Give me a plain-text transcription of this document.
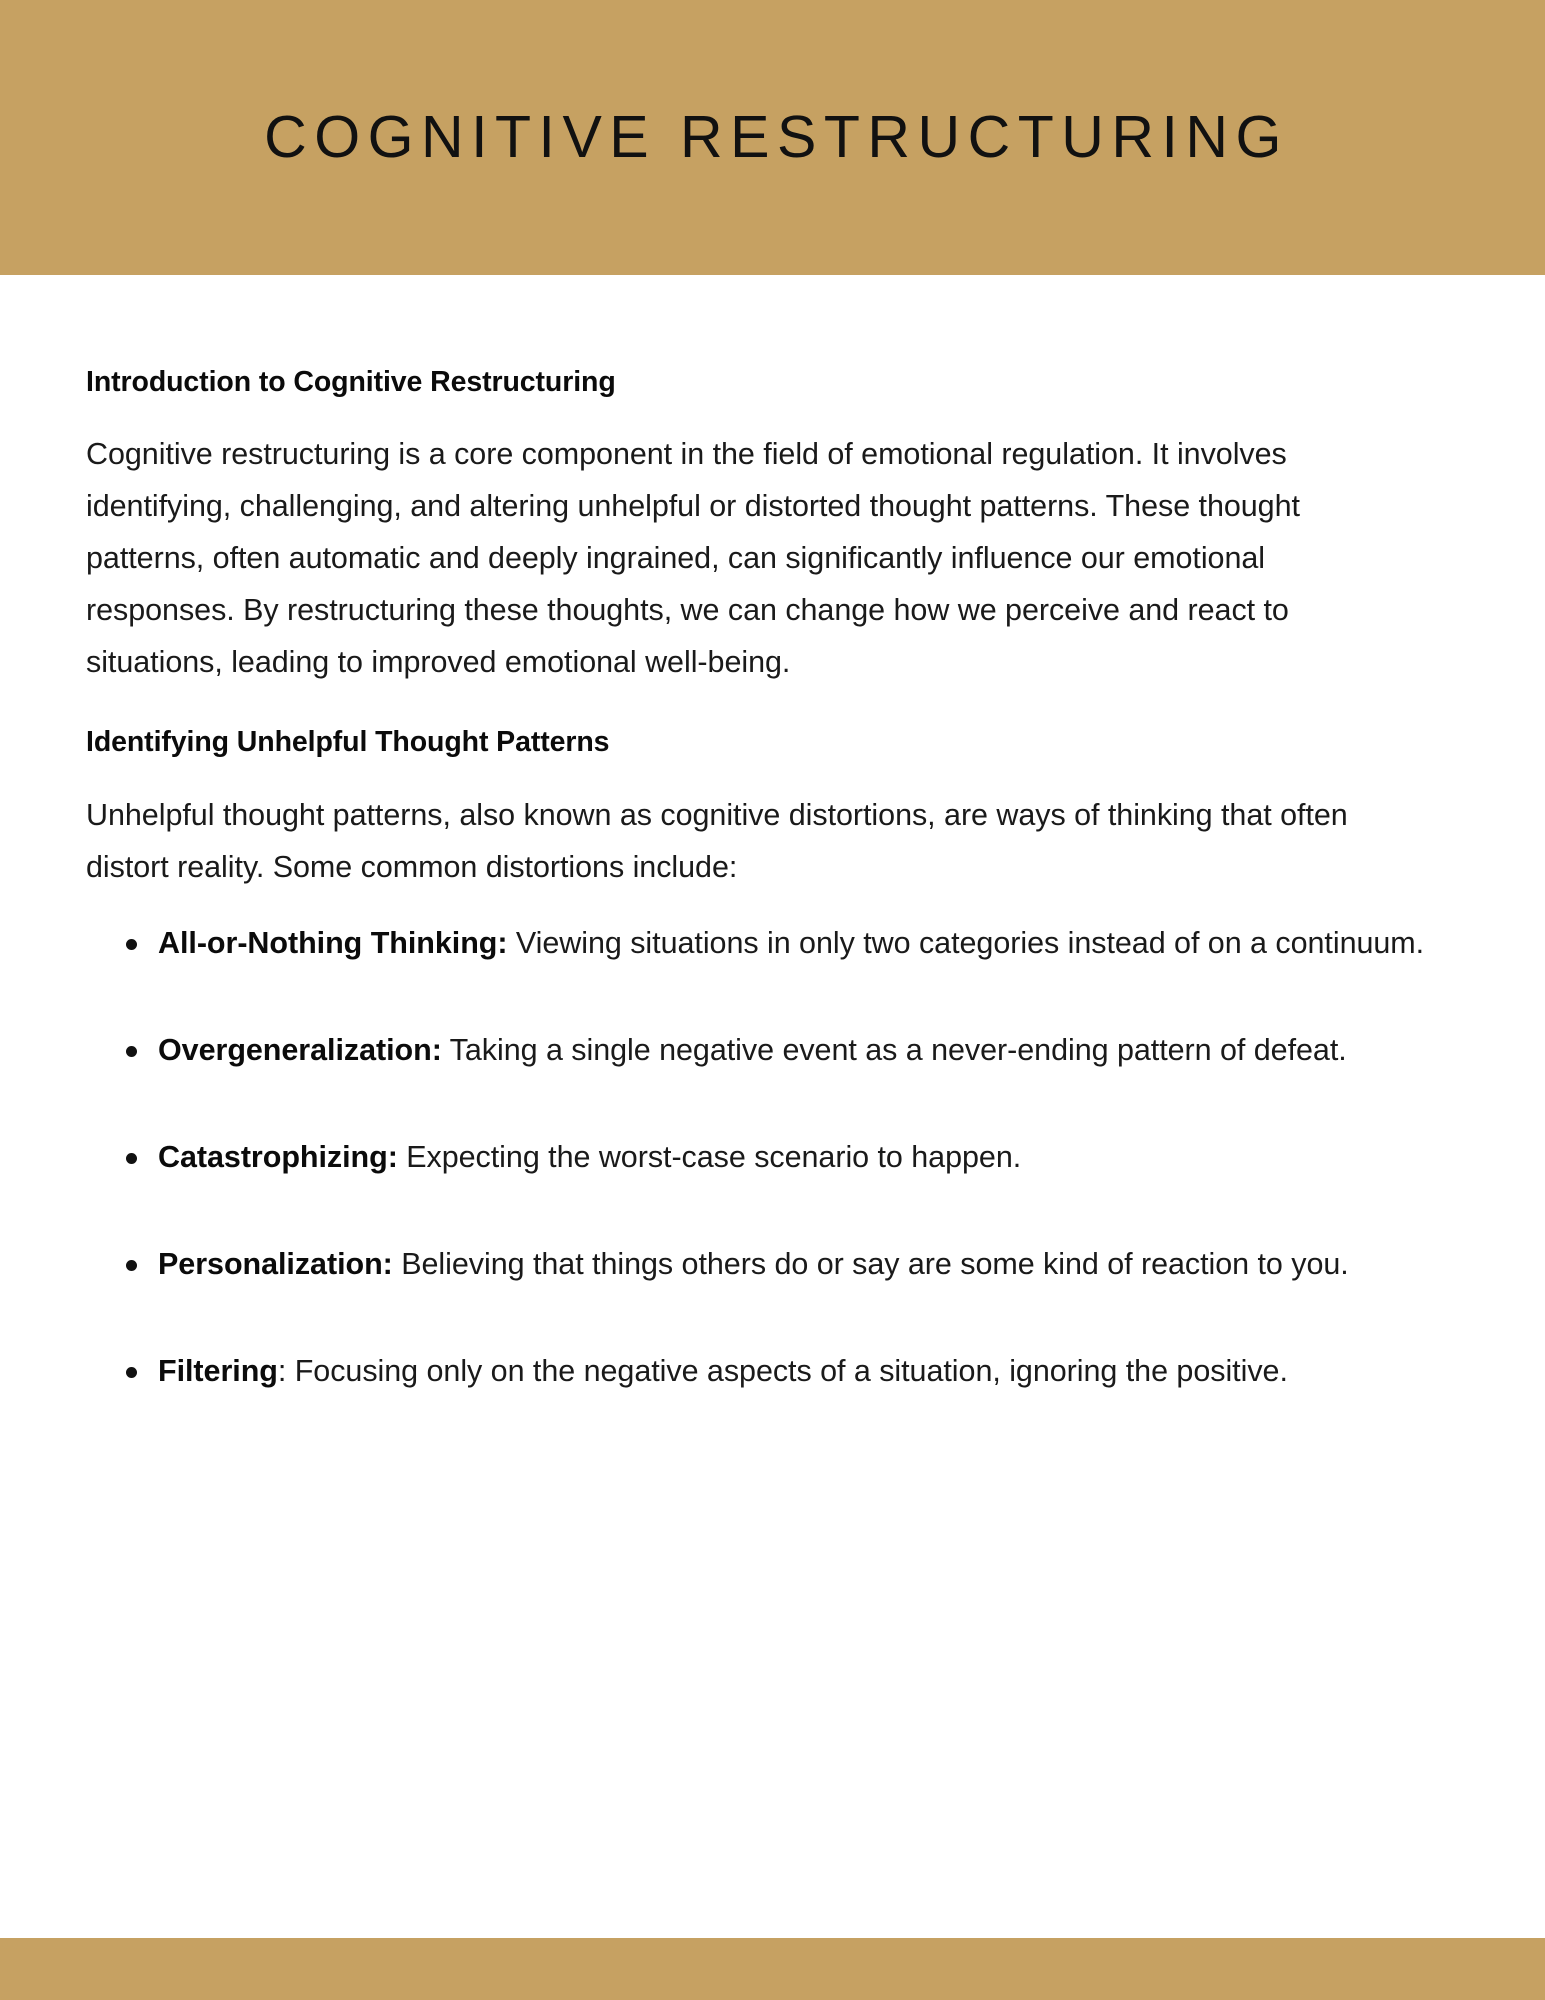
COGNITIVE RESTRUCTURING
Introduction to Cognitive Restructuring

Cognitive restructuring is a core component in the field of emotional regulation. It involves identifying, challenging, and altering unhelpful or distorted thought patterns. These thought patterns, often automatic and deeply ingrained, can significantly influence our emotional responses. By restructuring these thoughts, we can change how we perceive and react to situations, leading to improved emotional well-being.

Identifying Unhelpful Thought Patterns

Unhelpful thought patterns, also known as cognitive distortions, are ways of thinking that often distort reality. Some common distortions include:

All-or-Nothing Thinking: Viewing situations in only two categories instead of on a continuum.
Overgeneralization: Taking a single negative event as a never-ending pattern of defeat.
Catastrophizing: Expecting the worst-case scenario to happen.
Personalization: Believing that things others do or say are some kind of reaction to you.
Filtering: Focusing only on the negative aspects of a situation, ignoring the positive.
